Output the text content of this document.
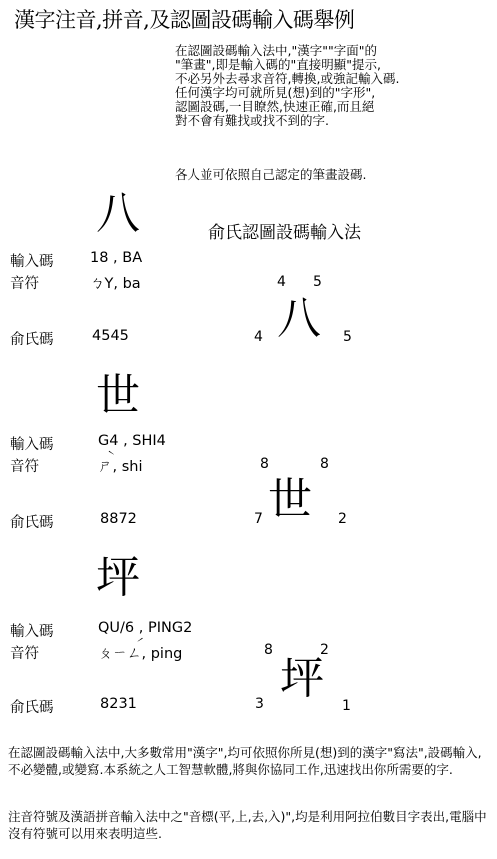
漢字注音,拼音,及認圖設碼輸入碼舉例
在認圖設碼輸入法中,"漢字""字面"的
"筆畫",即是輸入碼的"直接明顯"提示,
不必另外去尋求音符,轉換,或強記輸入碼.
任何漢字均可就所見(想)到的"字形",
認圖設碼,一目瞭然,快速正確,而且絕
對不會有難找或找不到的字.
各人並可依照自己認定的筆畫設碼.
俞氏認圖設碼輸入法
八
輸入碼	18 , BA
音符	ㄅY, ba	4 5
八
4	5
俞氏碼	4545
世
輸入碼	G4 , SHI4
音符	ㄕ̀, shi	8	8
世
7	2
俞氏碼	8872
坪
輸入碼	QU/6 , PING2
音符	ㄆㄧㄥ́, ping	8	2
坪
3	1
俞氏碼	8231
在認圖設碼輸入法中,大多數常用"漢字",均可依照你所見(想)到的漢字"寫法",設碼輸入,不必變體,或變寫.本系統之人工智慧軟體,將與你協同工作,迅速找出你所需要的字.
注音符號及漢語拼音輸入法中之"音標(平,上,去,入)",均是利用阿拉伯數目字表出,電腦中沒有符號可以用來表明這些.
